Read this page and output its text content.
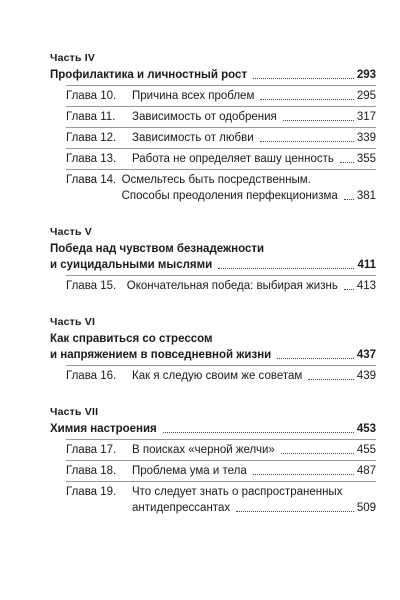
Часть IV
Профилактика и личностный рост	293
Глава 10.	Причина всех проблем	295
Глава 11.	Зависимость от одобрения	317
Глава 12.	Зависимость от любви	339
Глава 13.	Работа не определяет вашу ценность 355
Глава 14. Осмельтесь быть посредственным.
Способы преодоления перфекционизма 381
Часть V
Победа над чувством безнадежности
и суицидальными мыслями	411
Глава 15. Окончательная победа: выбирая жизнь 413
Часть VI
Как справиться со стрессом
и напряжением в повседневной жизни	437
Глава 16.	Как я следую своим же советам	439
Часть VII
Химия настроения	453
Глава 17.	В поисках «черной желчи»	455
Глава 18.	Проблема ума и тела	487
Глава 19.	Что следует знать о распространенных
антидепрессантах	509
